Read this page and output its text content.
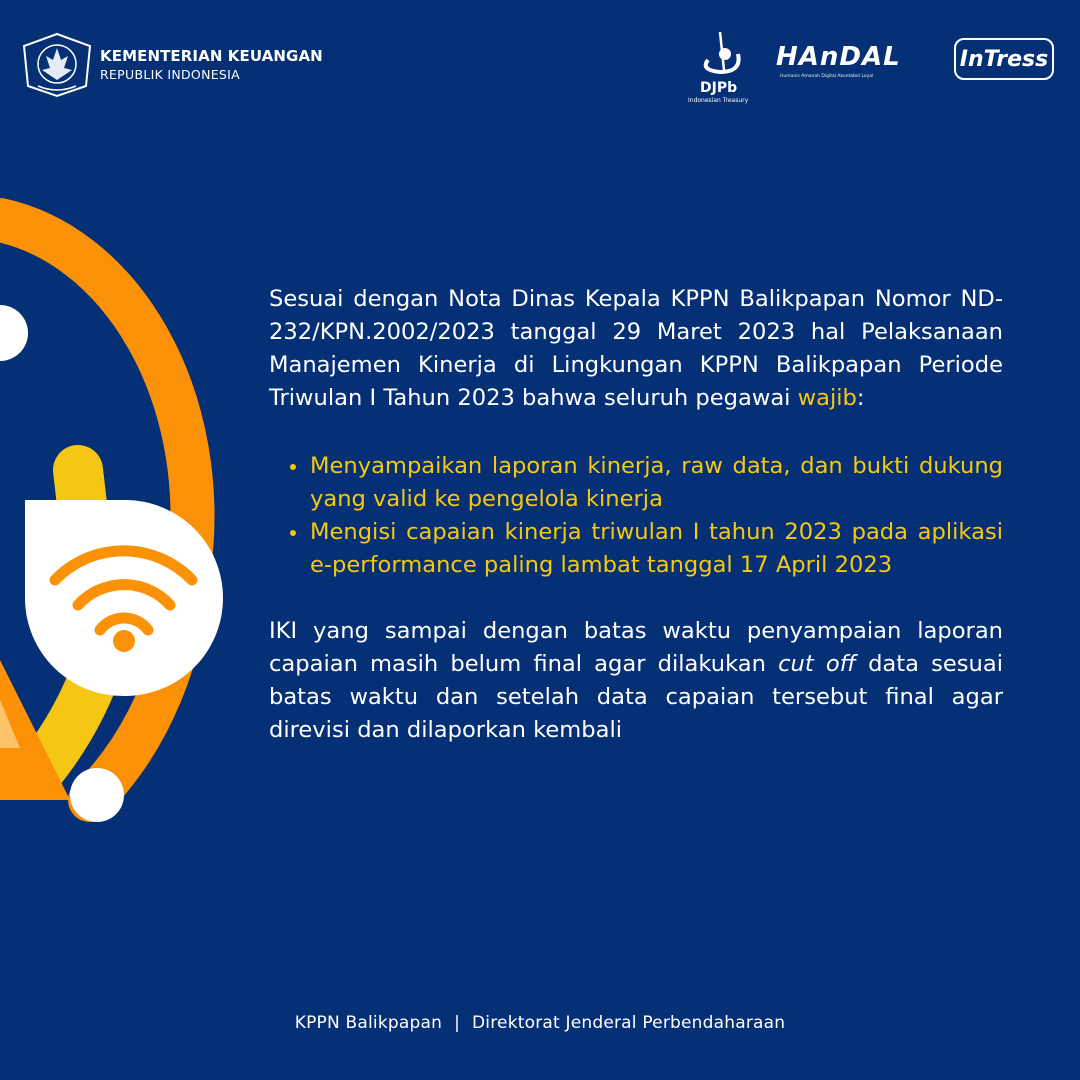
KEMENTERIAN KEUANGAN
REPUBLIK INDONESIA
DJPb
Indonesian Treasury
HAnDAL
Humanis Amanah Digital Akuntabel Loyal
InTress

Sesuai dengan Nota Dinas Kepala KPPN Balikpapan Nomor ND-232/KPN.2002/2023 tanggal 29 Maret 2023 hal Pelaksanaan Manajemen Kinerja di Lingkungan KPPN Balikpapan Periode Triwulan I Tahun 2023 bahwa seluruh pegawai wajib:

Menyampaikan laporan kinerja, raw data, dan bukti dukung yang valid ke pengelola kinerja
Mengisi capaian kinerja triwulan I tahun 2023 pada aplikasi e-performance paling lambat tanggal 17 April 2023

IKI yang sampai dengan batas waktu penyampaian laporan capaian masih belum final agar dilakukan cut off data sesuai batas waktu dan setelah data capaian tersebut final agar direvisi dan dilaporkan kembali

KPPN Balikpapan | Direktorat Jenderal Perbendaharaan
